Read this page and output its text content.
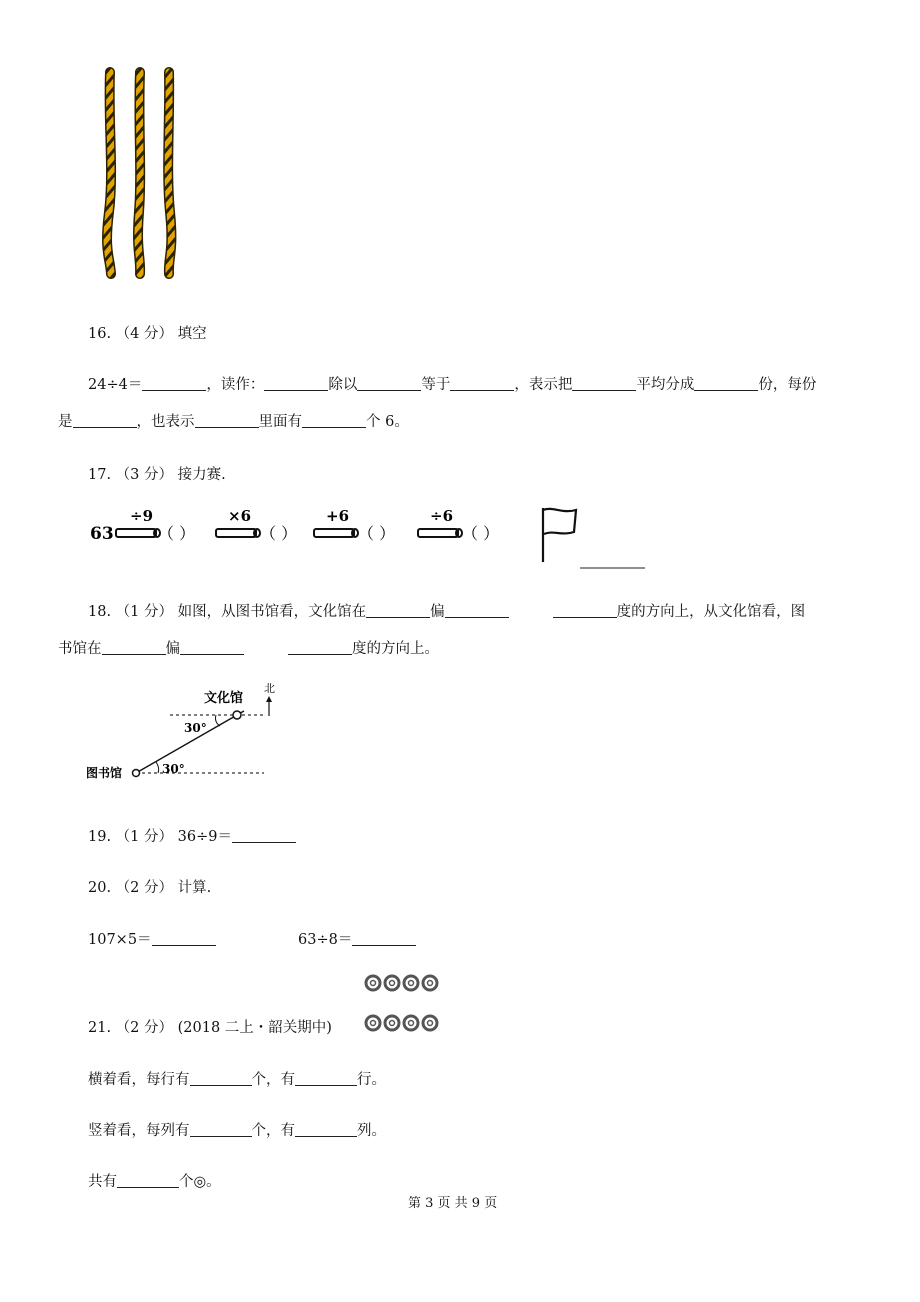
16. （4 分） 填空
24÷4＝	，读作：	除以	等于	，表示把	平均分成	份，每份
是	，也表示	里面有	个 6。
17. （3 分） 接力赛.
63
÷9
（ ）
×6
（ ）
+6
（ ）
÷6
（ ）
18. （1 分） 如图，从图书馆看，文化馆在	偏	度的方向上，从文化馆看，图
书馆在	偏	度的方向上。
文化馆
图书馆
北
30°
30°
19. （1 分） 36÷9＝
20. （2 分） 计算.
107×5＝	63÷8＝
21. （2 分） (2018 二上・韶关期中)
横着看，每行有	个，有	行。
竖着看，每列有	个，有	列。
共有	个◎。
第 3 页 共 9 页
